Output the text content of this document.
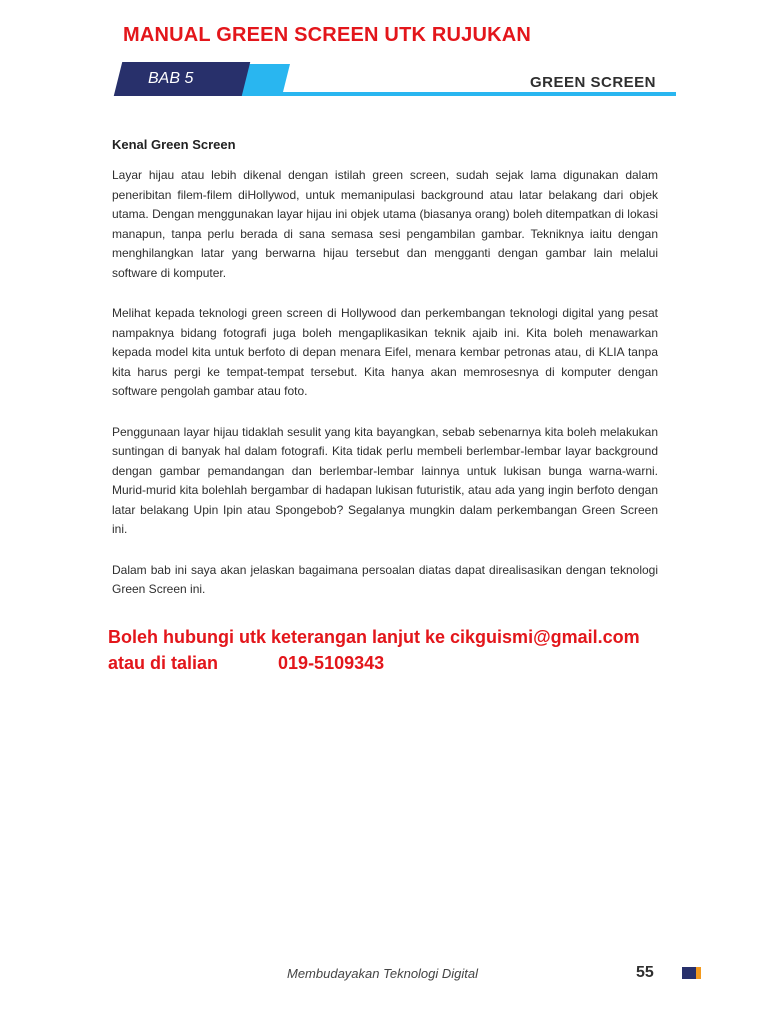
MANUAL GREEN SCREEN UTK RUJUKAN
BAB 5	GREEN SCREEN
Kenal Green Screen

Layar hijau atau lebih dikenal dengan istilah green screen, sudah sejak lama digunakan dalam peneribitan filem-filem diHollywod, untuk memanipulasi background atau latar belakang dari objek utama. Dengan menggunakan layar hijau ini objek utama (biasanya orang) boleh ditempatkan di lokasi manapun, tanpa perlu berada di sana semasa sesi pengambilan gambar. Tekniknya iaitu dengan menghilangkan latar yang berwarna hijau tersebut dan mengganti dengan gambar lain melalui software di komputer.

Melihat kepada teknologi green screen di Hollywood dan perkembangan teknologi digital yang pesat nampaknya bidang fotografi juga boleh mengaplikasikan teknik ajaib ini. Kita boleh menawarkan kepada model kita untuk berfoto di depan menara Eifel, menara kembar petronas atau, di KLIA tanpa kita harus pergi ke tempat-tempat tersebut. Kita hanya akan memrosesnya di komputer dengan software pengolah gambar atau foto.

Penggunaan layar hijau tidaklah sesulit yang kita bayangkan, sebab sebenarnya kita boleh melakukan suntingan di banyak hal dalam fotografi. Kita tidak perlu membeli berlembar-lembar layar background dengan gambar pemandangan dan berlembar-lembar lainnya untuk lukisan bunga warna-warni. Murid-murid kita bolehlah bergambar di hadapan lukisan futuristik, atau ada yang ingin berfoto dengan latar belakang Upin Ipin atau Spongebob? Segalanya mungkin dalam perkembangan Green Screen ini.

Dalam bab ini saya akan jelaskan bagaimana persoalan diatas dapat direalisasikan dengan teknologi Green Screen ini.

Boleh hubungi utk keterangan lanjut ke cikguismi@gmail.com
atau di talian	019-5109343
Membudayakan Teknologi Digital	55
